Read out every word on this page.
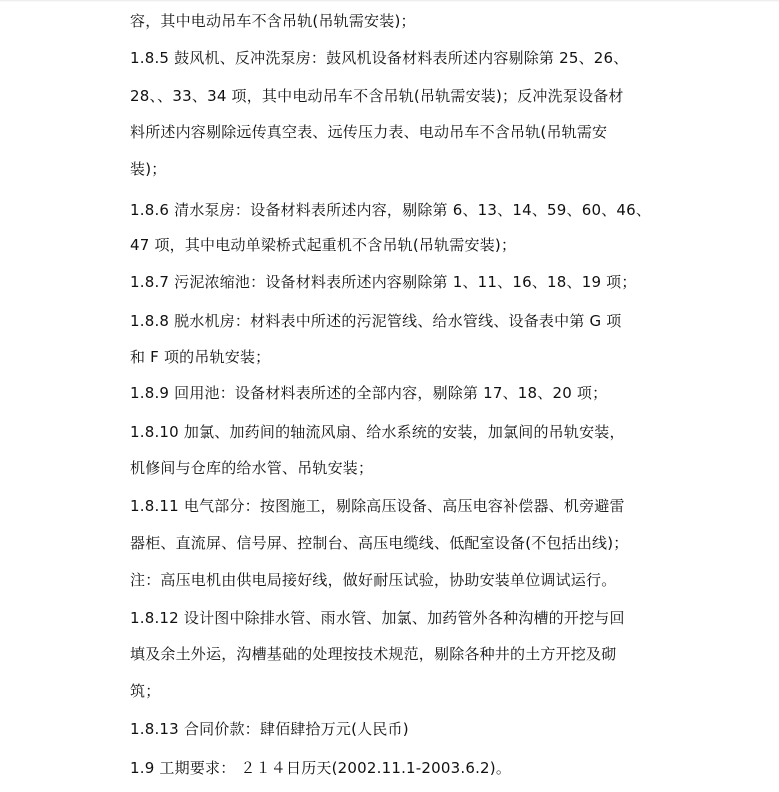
容，其中电动吊车不含吊轨(吊轨需安装)；
1.8.5 鼓风机、反冲洗泵房：鼓风机设备材料表所述内容剔除第 25、26、
28、、33、34 项，其中电动吊车不含吊轨(吊轨需安装)；反冲洗泵设备材
料所述内容剔除远传真空表、远传压力表、电动吊车不含吊轨(吊轨需安
装)；
1.8.6 清水泵房：设备材料表所述内容，剔除第 6、13、14、59、60、46、
47 项，其中电动单梁桥式起重机不含吊轨(吊轨需安装)；
1.8.7 污泥浓缩池：设备材料表所述内容剔除第 1、11、16、18、19 项；
1.8.8 脱水机房：材料表中所述的污泥管线、给水管线、设备表中第 G 项
和 F 项的吊轨安装；
1.8.9 回用池：设备材料表所述的全部内容，剔除第 17、18、20 项；
1.8.10 加氯、加药间的轴流风扇、给水系统的安装，加氯间的吊轨安装，
机修间与仓库的给水管、吊轨安装；
1.8.11 电气部分：按图施工，剔除高压设备、高压电容补偿器、机旁避雷
器柜、直流屏、信号屏、控制台、高压电缆线、低配室设备(不包括出线)；
注：高压电机由供电局接好线，做好耐压试验，协助安装单位调试运行。
1.8.12 设计图中除排水管、雨水管、加氯、加药管外各种沟槽的开挖与回
填及余土外运，沟槽基础的处理按技术规范，剔除各种井的土方开挖及砌
筑；
1.8.13 合同价款：肆佰肆拾万元(人民币)
1.9 工期要求： ２１４日历天(2002.11.1-2003.6.2)。
